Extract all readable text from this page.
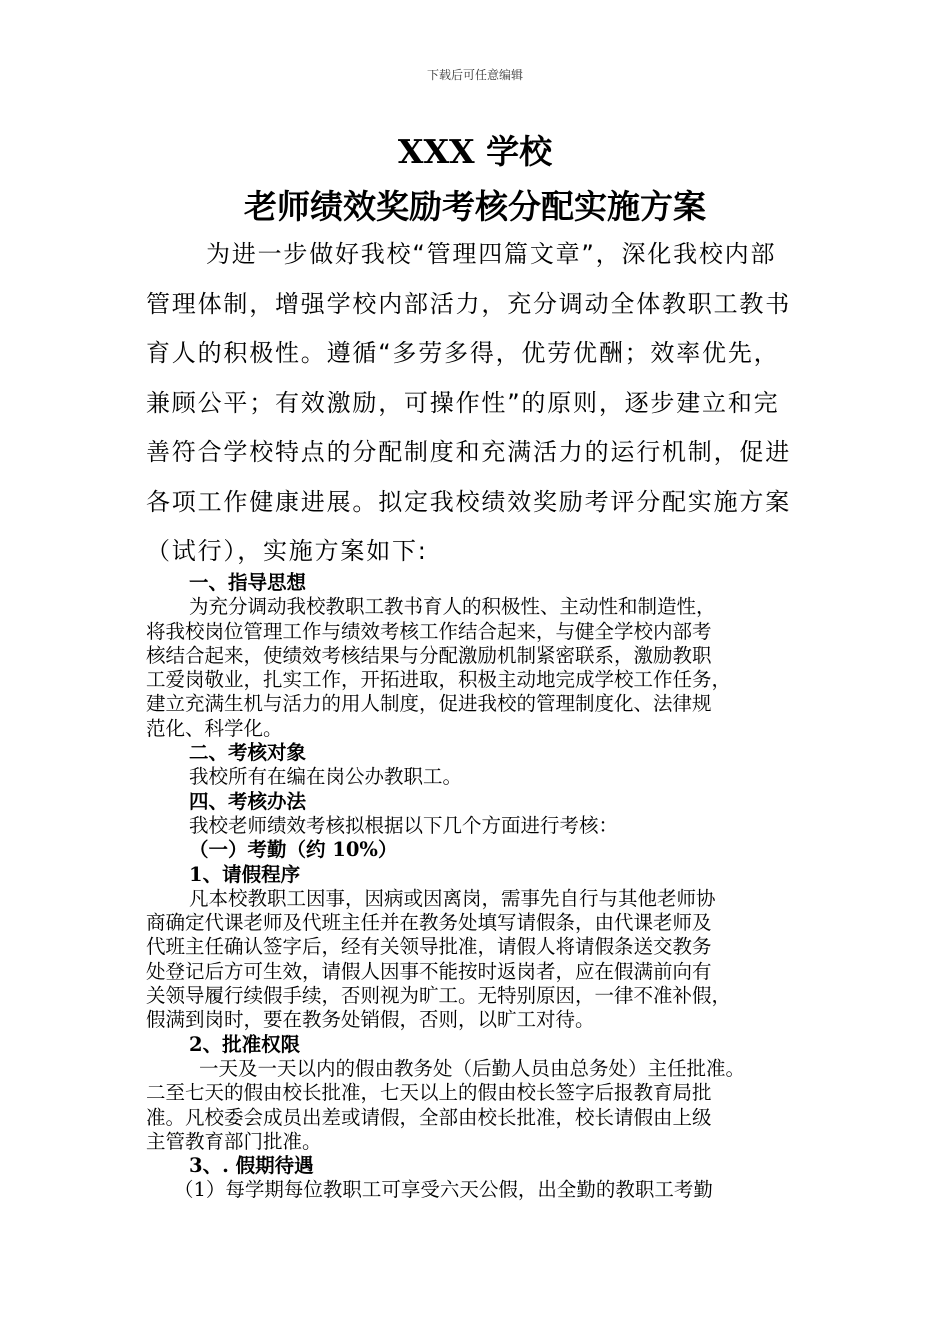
下载后可任意编辑
XXX 学校
老师绩效奖励考核分配实施方案
为进一步做好我校“管理四篇文章”，深化我校内部
管理体制，增强学校内部活力，充分调动全体教职工教书
育人的积极性。遵循“多劳多得，优劳优酬；效率优先，
兼顾公平；有效激励，可操作性”的原则，逐步建立和完
善符合学校特点的分配制度和充满活力的运行机制，促进
各项工作健康进展。拟定我校绩效奖励考评分配实施方案
（试行），实施方案如下:
一、指导思想
为充分调动我校教职工教书育人的积极性、主动性和制造性，
将我校岗位管理工作与绩效考核工作结合起来，与健全学校内部考
核结合起来，使绩效考核结果与分配激励机制紧密联系，激励教职
工爱岗敬业，扎实工作，开拓进取，积极主动地完成学校工作任务，
建立充满生机与活力的用人制度，促进我校的管理制度化、法律规
范化、科学化。
二、考核对象
我校所有在编在岗公办教职工。
四、考核办法
我校老师绩效考核拟根据以下几个方面进行考核：
（一）考勤（约 10%）
1、请假程序
凡本校教职工因事，因病或因离岗，需事先自行与其他老师协
商确定代课老师及代班主任并在教务处填写请假条，由代课老师及
代班主任确认签字后，经有关领导批准，请假人将请假条送交教务
处登记后方可生效，请假人因事不能按时返岗者，应在假满前向有
关领导履行续假手续，否则视为旷工。无特别原因，一律不准补假，
假满到岗时，要在教务处销假，否则，以旷工对待。
2、批准权限
一天及一天以内的假由教务处（后勤人员由总务处）主任批准。
二至七天的假由校长批准，七天以上的假由校长签字后报教育局批
准。凡校委会成员出差或请假，全部由校长批准，校长请假由上级
主管教育部门批准。
3、. 假期待遇
（1）每学期每位教职工可享受六天公假，出全勤的教职工考勤
